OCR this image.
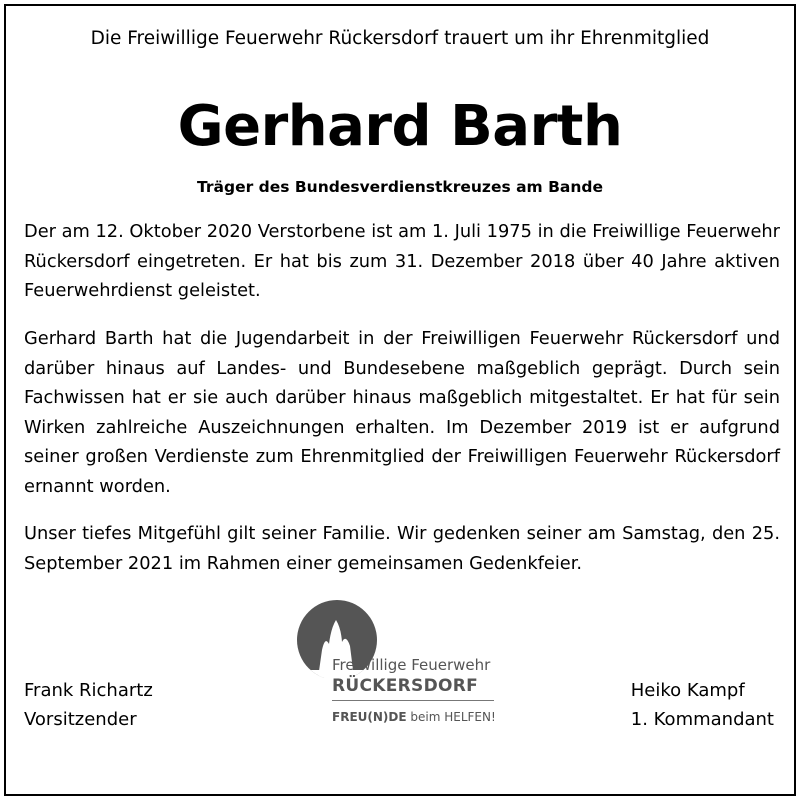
Die Freiwillige Feuerwehr Rückersdorf trauert um ihr Ehrenmitglied
Gerhard Barth
Träger des Bundesverdienstkreuzes am Bande

Der am 12. Oktober 2020 Verstorbene ist am 1. Juli 1975 in die Freiwillige Feuerwehr Rückersdorf eingetreten. Er hat bis zum 31. Dezember 2018 über 40 Jahre aktiven Feuerwehrdienst geleistet.

Gerhard Barth hat die Jugendarbeit in der Freiwilligen Feuerwehr Rückersdorf und darüber hinaus auf Landes- und Bundesebene maßgeblich geprägt. Durch sein Fachwissen hat er sie auch darüber hinaus maßgeblich mitgestaltet. Er hat für sein Wirken zahlreiche Auszeichnungen erhalten. Im Dezember 2019 ist er aufgrund seiner großen Verdienste zum Ehrenmitglied der Freiwilligen Feuerwehr Rückersdorf ernannt worden.

Unser tiefes Mitgefühl gilt seiner Familie. Wir gedenken seiner am Samstag, den 25. September 2021 im Rahmen einer gemeinsamen Gedenkfeier.

Frank Richartz
Vorsitzender
Freiwillige Feuerwehr
RÜCKERSDORF
FREU(N)DE beim HELFEN!
Heiko Kampf
1. Kommandant
